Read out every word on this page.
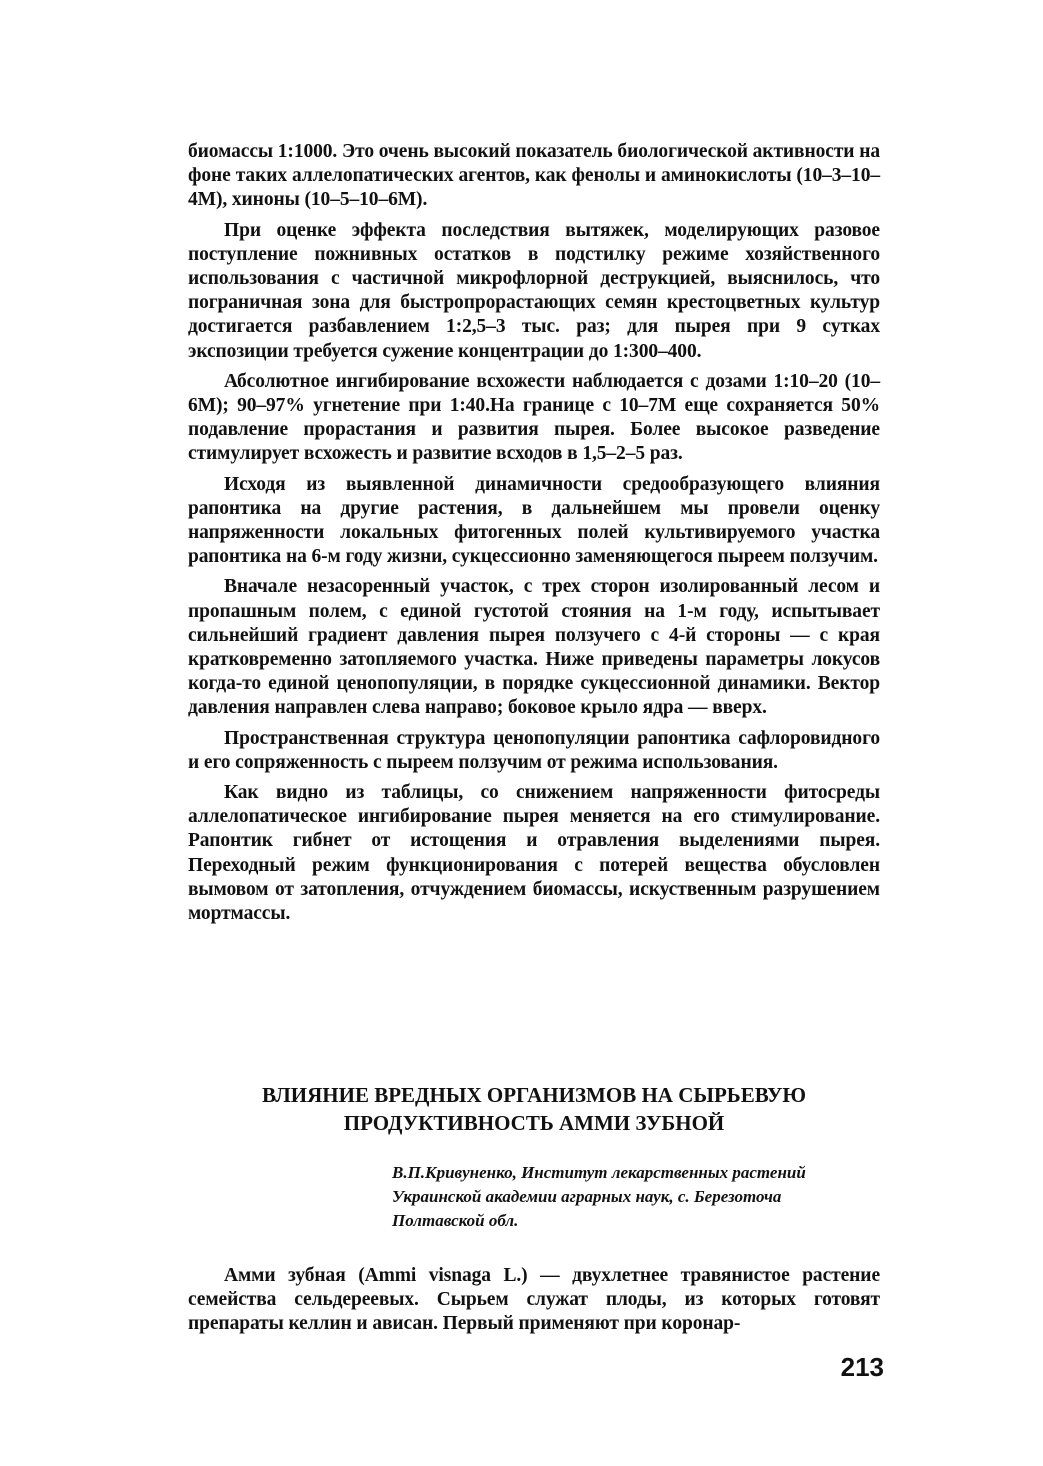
биомассы 1:1000. Это очень высокий показатель биологической активности на фоне таких аллелопатических агентов, как фенолы и аминокислоты (10–3–10–4М), хиноны (10–5–10–6М).

При оценке эффекта последствия вытяжек, моделирующих разовое поступление пожнивных остатков в подстилку режиме хозяйственного использования с частичной микрофлорной деструкцией, выяснилось, что пограничная зона для быстропрорастающих семян крестоцветных культур достигается разбавлением 1:2,5–3 тыс. раз; для пырея при 9 сутках экспозиции требуется сужение концентрации до 1:300–400.

Абсолютное ингибирование всхожести наблюдается с дозами 1:10–20 (10–6М); 90–97% угнетение при 1:40.На границе с 10–7М еще сохраняется 50% подавление прорастания и развития пырея. Более высокое разведение стимулирует всхожесть и развитие всходов в 1,5–2–5 раз.

Исходя из выявленной динамичности средообразующего влияния рапонтика на другие растения, в дальнейшем мы провели оценку напряженности локальных фитогенных полей культивируемого участка рапонтика на 6-м году жизни, сукцессионно заменяющегося пыреем ползучим.

Вначале незасоренный участок, с трех сторон изолированный лесом и пропашным полем, с единой густотой стояния на 1-м году, испытывает сильнейший градиент давления пырея ползучего с 4-й стороны — с края кратковременно затопляемого участка. Ниже приведены параметры локусов когда-то единой ценопопуляции, в порядке сукцессионной динамики. Вектор давления направлен слева направо; боковое крыло ядра — вверх.

Пространственная структура ценопопуляции рапонтика сафлоровидного и его сопряженность с пыреем ползучим от режима использования.

Как видно из таблицы, со снижением напряженности фитосреды аллелопатическое ингибирование пырея меняется на его стимулирование. Рапонтик гибнет от истощения и отравления выделениями пырея. Переходный режим функционирования с потерей вещества обусловлен вымовом от затопления, отчуждением биомассы, искуственным разрушением мортмассы.

ВЛИЯНИЕ ВРЕДНЫХ ОРГАНИЗМОВ НА СЫРЬЕВУЮ
ПРОДУКТИВНОСТЬ АММИ ЗУБНОЙ
В.П.Кривуненко, Институт лекарственных растений
Украинской академии аграрных наук, с. Березоточа
Полтавской обл.

Амми зубная (Ammi visnaga L.) — двухлетнее травянистое растение семейства сельдереевых. Сырьем служат плоды, из которых готовят препараты келлин и ависан. Первый применяют при коронар-

213
